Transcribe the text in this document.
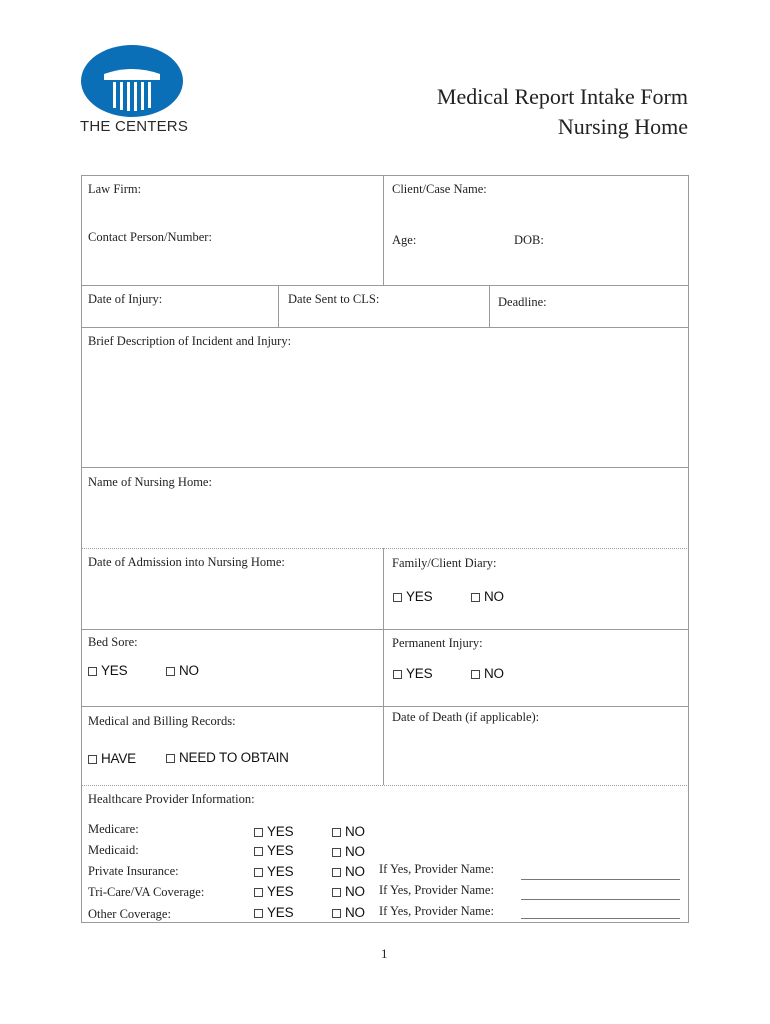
THE CENTERS
Medical Report Intake Form
Nursing Home
Law Firm:	Client/Case Name:
Contact Person/Number:	Age:	DOB:
Date of Injury:	Date Sent to CLS:	Deadline:
Brief Description of Incident and Injury:
Name of Nursing Home:
Date of Admission into Nursing Home:	Family/Client Diary:
YES	NO
Bed Sore:
YES	NO
Permanent Injury:
YES	NO
Medical and Billing Records:
HAVE	NEED TO OBTAIN
Date of Death (if applicable):
Healthcare Provider Information:
Medicare:	YES	NO
Medicaid:	YES	NO
Private Insurance:	YES	NO If Yes, Provider Name:
Tri-Care/VA Coverage:	YES	NO If Yes, Provider Name:
Other Coverage:	YES	NO If Yes, Provider Name:
1
